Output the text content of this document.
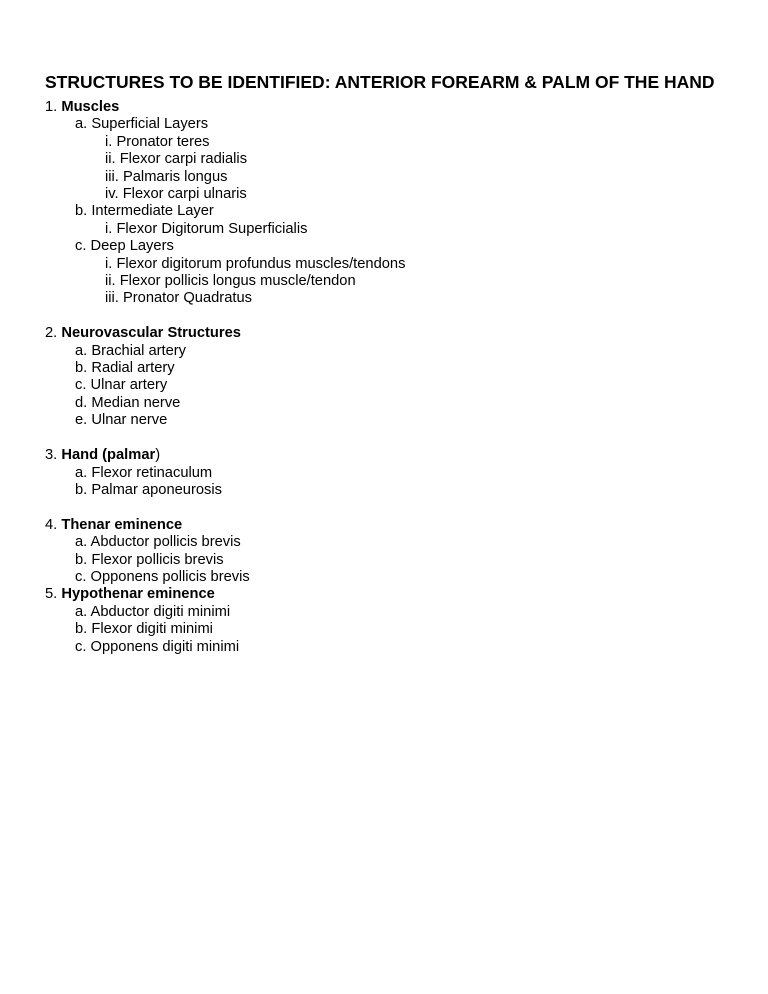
STRUCTURES TO BE IDENTIFIED: ANTERIOR FOREARM & PALM OF THE HAND
1. Muscles
a. Superficial Layers
i. Pronator teres
ii. Flexor carpi radialis
iii. Palmaris longus
iv. Flexor carpi ulnaris
b. Intermediate Layer
i. Flexor Digitorum Superficialis
c. Deep Layers
i. Flexor digitorum profundus muscles/tendons
ii. Flexor pollicis longus muscle/tendon
iii. Pronator Quadratus
2. Neurovascular Structures
a. Brachial artery
b. Radial artery
c. Ulnar artery
d. Median nerve
e. Ulnar nerve
3. Hand (palmar)
a. Flexor retinaculum
b. Palmar aponeurosis
4. Thenar eminence
a. Abductor pollicis brevis
b. Flexor pollicis brevis
c. Opponens pollicis brevis
5. Hypothenar eminence
a. Abductor digiti minimi
b. Flexor digiti minimi
c. Opponens digiti minimi
